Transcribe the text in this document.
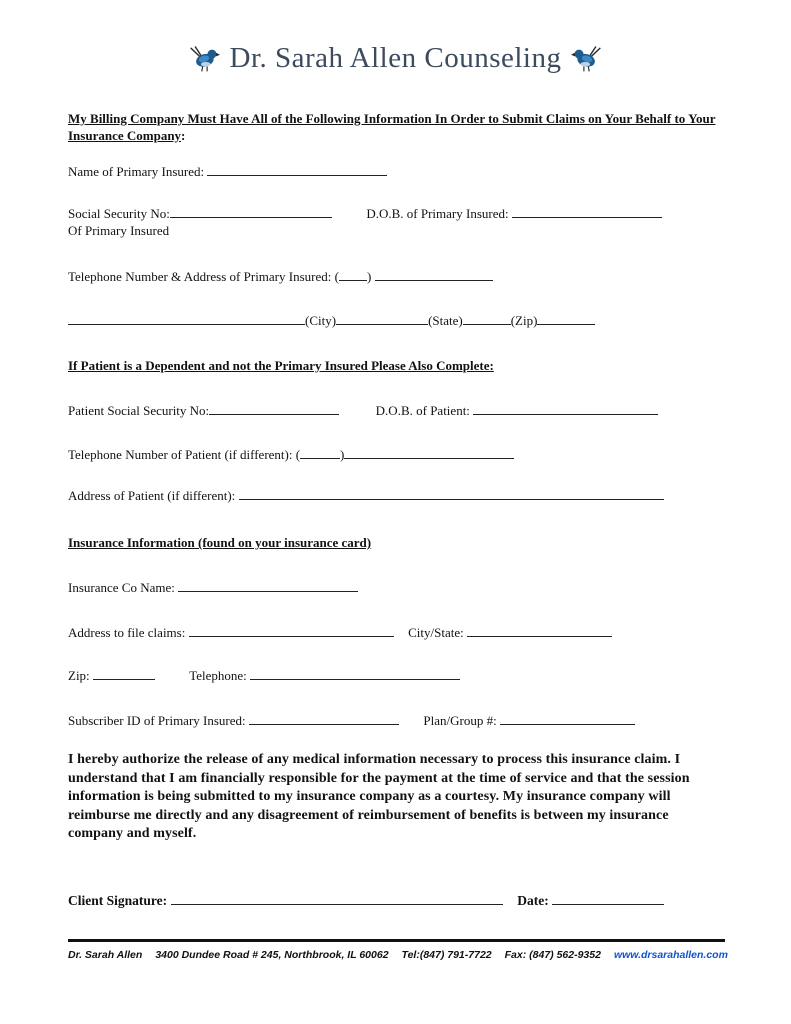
Dr. Sarah Allen Counseling
My Billing Company Must Have All of the Following Information In Order to Submit Claims on Your Behalf to Your
Insurance Company:
Name of Primary Insured:
Social Security No:	D.O.B. of Primary Insured:
Of Primary Insured
Telephone Number & Address of Primary Insured: ( )
(City)	(State)	(Zip)
If Patient is a Dependent and not the Primary Insured Please Also Complete:
Patient Social Security No:	D.O.B. of Patient:
Telephone Number of Patient (if different): (	)
Address of Patient (if different):
Insurance Information (found on your insurance card)
Insurance Co Name:
Address to file claims:	City/State:
Zip:	Telephone:
Subscriber ID of Primary Insured:	Plan/Group #:
I hereby authorize the release of any medical information necessary to process this insurance claim. I understand that I am financially responsible for the payment at the time of service and that the session information is being submitted to my insurance company as a courtesy. My insurance company will reimburse me directly and any disagreement of reimbursement of benefits is between my insurance company and myself.
Client Signature:	Date:
Dr. Sarah Allen 3400 Dundee Road # 245, Northbrook, IL 60062 Tel:(847) 791-7722 Fax: (847) 562-9352 www.drsarahallen.com
